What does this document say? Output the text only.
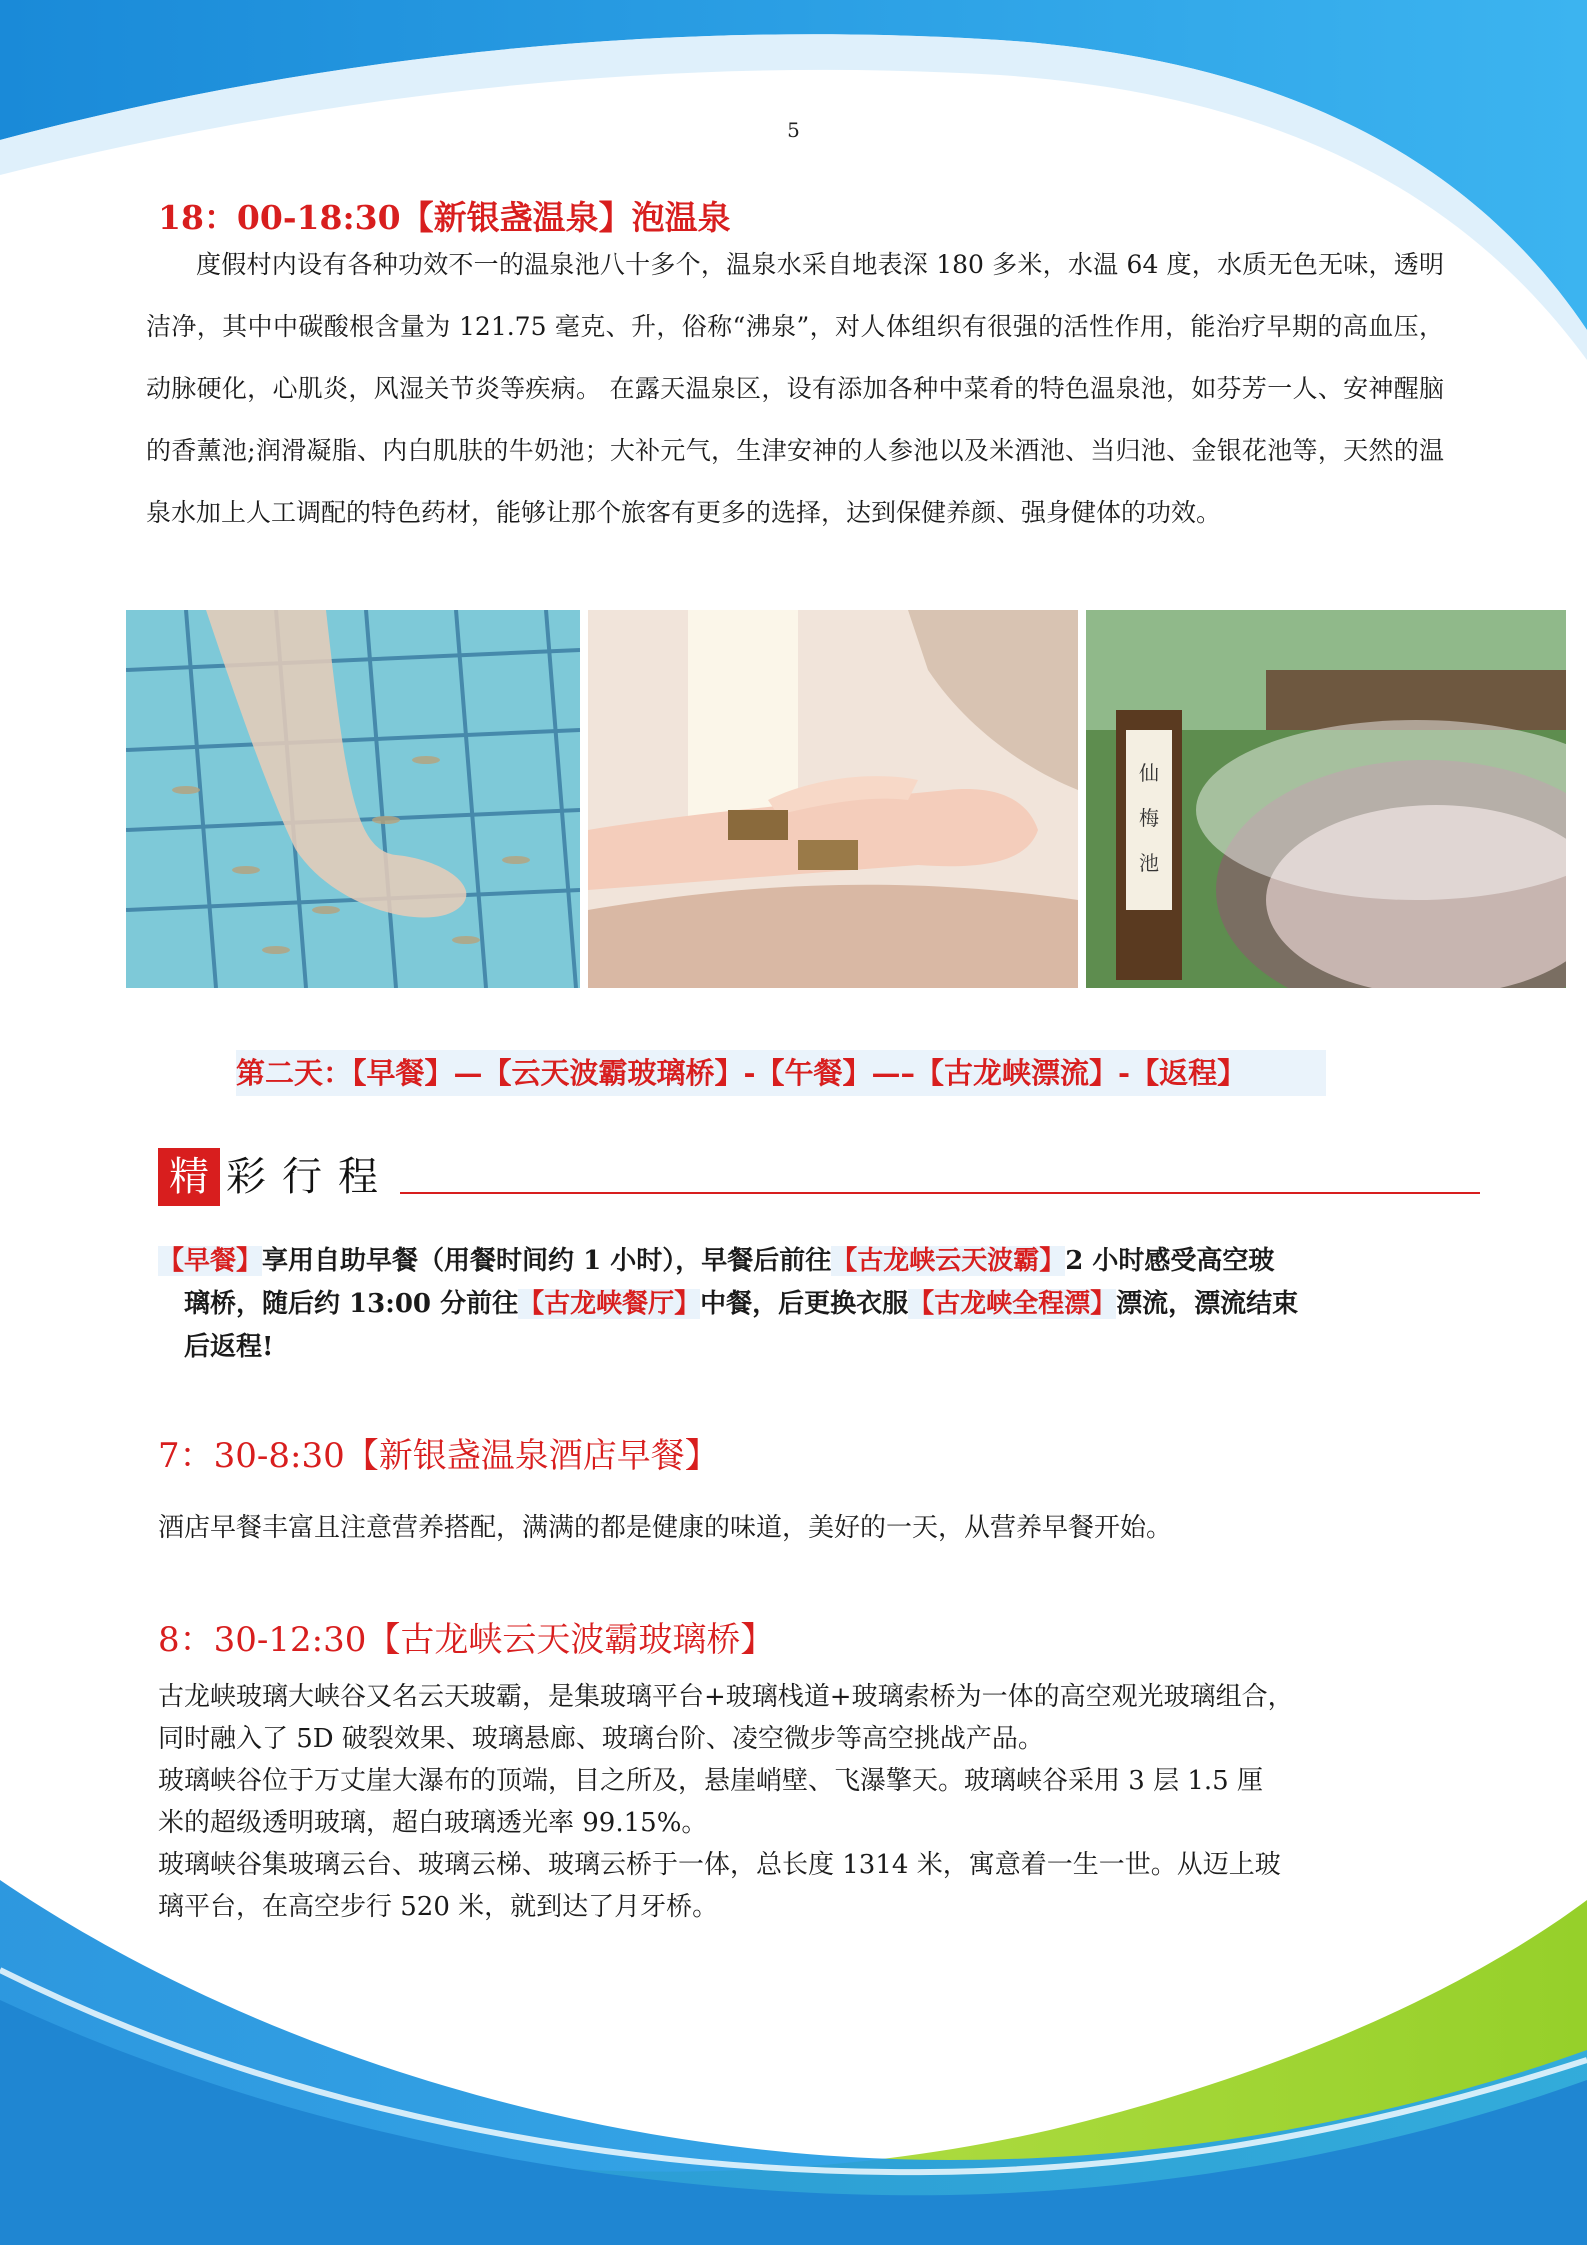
5
18：00-18:30【新银盏温泉】泡温泉
度假村内设有各种功效不一的温泉池八十多个，温泉水采自地表深 180 多米，水温 64 度，水质无色无味，透明洁净，其中中碳酸根含量为 121.75 毫克、升，俗称“沸泉”，对人体组织有很强的活性作用，能治疗早期的高血压，动脉硬化，心肌炎，风湿关节炎等疾病。 在露天温泉区，设有添加各种中菜肴的特色温泉池，如芬芳一人、安神醒脑的香薰池;润滑凝脂、内白肌肤的牛奶池；大补元气，生津安神的人参池以及米酒池、当归池、金银花池等，天然的温泉水加上人工调配的特色药材，能够让那个旅客有更多的选择，达到保健养颜、强身健体的功效。
仙
梅
池
第二天：【早餐】—【云天波霸玻璃桥】-【午餐】—–【古龙峡漂流】-【返程】
精 彩行程
【早餐】享用自助早餐（用餐时间约 1 小时），早餐后前往【古龙峡云天波霸】2 小时感受高空玻
璃桥，随后约 13:00 分前往【古龙峡餐厅】中餐，后更换衣服【古龙峡全程漂】漂流，漂流结束
后返程!
7：30-8:30【新银盏温泉酒店早餐】
酒店早餐丰富且注意营养搭配，满满的都是健康的味道，美好的一天，从营养早餐开始。
8：30-12:30【古龙峡云天波霸玻璃桥】
古龙峡玻璃大峡谷又名云天玻霸，是集玻璃平台+玻璃栈道+玻璃索桥为一体的高空观光玻璃组合，
同时融入了 5D 破裂效果、玻璃悬廊、玻璃台阶、凌空微步等高空挑战产品。
玻璃峡谷位于万丈崖大瀑布的顶端，目之所及，悬崖峭壁、飞瀑擎天。玻璃峡谷采用 3 层 1.5 厘
米的超级透明玻璃，超白玻璃透光率 99.15%。
玻璃峡谷集玻璃云台、玻璃云梯、玻璃云桥于一体，总长度 1314 米，寓意着一生一世。从迈上玻
璃平台，在高空步行 520 米，就到达了月牙桥。
